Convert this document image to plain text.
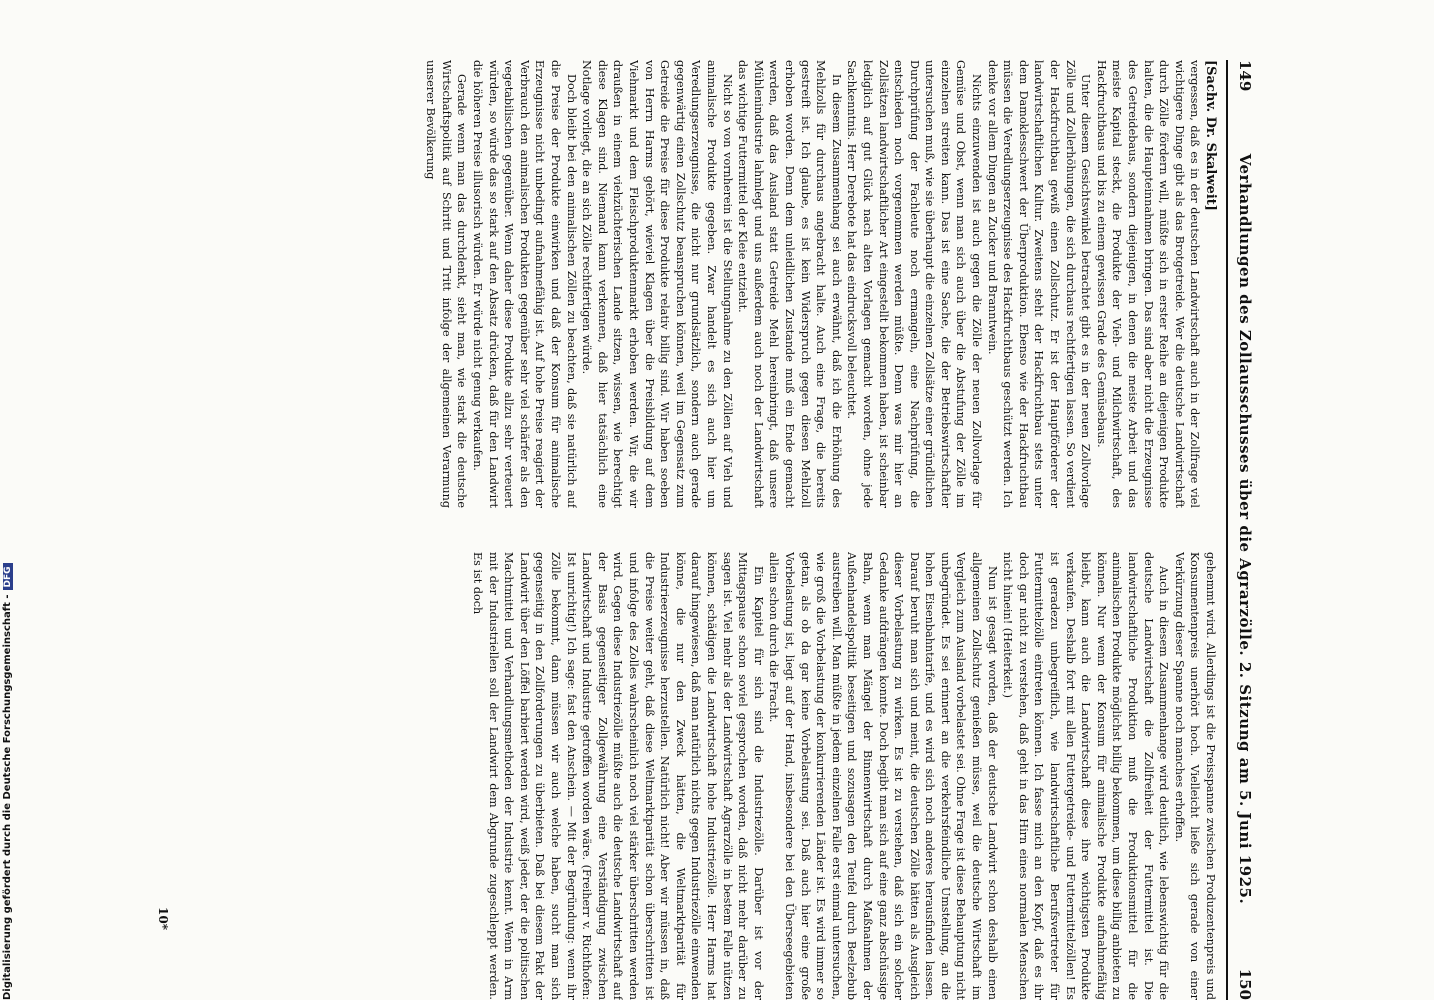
149
Verhandlungen des Zollausschusses über die Agrarzölle. 2. Sitzung am 5. Juni 1925.
150

[Sachv. Dr. Skalweit]

vergessen, daß es in der deutschen Landwirtschaft auch in der Zollfrage viel wichtigere Dinge gibt als das Brotgetreide. Wer die deutsche Landwirtschaft durch Zölle fördern will, müßte sich in erster Reihe an diejenigen Produkte halten, die die Haupteinnahmen bringen. Das sind aber nicht die Erzeugnisse des Getreidebaus, sondern diejenigen, in denen die meiste Arbeit und das meiste Kapital steckt, die Produkte der Vieh- und Milchwirtschaft, des Hackfruchtbaus und bis zu einem gewissen Grade des Gemüsebaus.

Unter diesem Gesichtswinkel betrachtet gibt es in der neuen Zollvorlage Zölle und Zollerhöhungen, die sich durchaus rechtfertigen lassen. So verdient der Hackfruchtbau gewiß einen Zollschutz. Er ist der Hauptförderer der landwirtschaftlichen Kultur. Zweitens steht der Hackfruchtbau stets unter dem Damoklesschwert der Überproduktion. Ebenso wie der Hackfruchtbau müssen die Veredlungserzeugnisse des Hackfruchtbaus geschützt werden. Ich denke vor allem Dingen an Zucker und Branntwein.

Nichts einzuwenden ist auch gegen die Zölle der neuen Zollvorlage für Gemüse und Obst, wenn man sich auch über die Abstufung der Zölle im einzelnen streiten kann. Das ist eine Sache, die der Betriebswirtschaftler untersuchen muß, wie sie überhaupt die einzelnen Zollsätze einer gründlichen Durchprüfung der Fachleute noch ermangeln, eine Nachprüfung, die entschieden noch vorgenommen werden müßte. Denn was mir hier an Zollsätzen landwirtschaftlicher Art eingestellt bekommen haben, ist scheinbar lediglich auf gut Glück nach alten Vorlagen gemacht worden, ohne jede Sachkenntnis. Herr Derebote hat das eindrucksvoll beleuchtet.

In diesem Zusammenhang sei auch erwähnt, daß ich die Erhöhung des Mehlzolls für durchaus angebracht halte. Auch eine Frage, die bereits gestreift ist. Ich glaube, es ist kein Widerspruch gegen diesen Mehlzoll erhoben worden. Denn dem unleidlichen Zustande muß ein Ende gemacht werden, daß das Ausland statt Getreide Mehl hereinbringt, daß unsere Mühlenindustrie lahmlegt und uns außerdem auch noch der Landwirtschaft das wichtige Futtermittel der Kleie entzieht.

Nicht so von vornherein ist die Stellungnahme zu den Zöllen auf Vieh und animalische Produkte gegeben. Zwar handelt es sich auch hier um Veredlungserzeugnisse, die nicht nur grundsätzlich, sondern auch gerade gegenwärtig einen Zollschutz beanspruchen können, weil im Gegensatz zum Getreide die Preise für diese Produkte relativ billig sind. Wir haben soeben von Herrn Harms gehört, wieviel Klagen über die Preisbildung auf dem Viehmarkt und dem Fleischproduktenmarkt erhoben werden. Wir, die wir draußen in einem viehzüchterischen Lande sitzen, wissen, wie berechtigt diese Klagen sind. Niemand kann verkennen, daß hier tatsächlich eine Notlage vorliegt, die an sich Zölle rechtfertigen würde.

Doch bleibt bei den animalischen Zöllen zu beachten, daß sie natürlich auf die Preise der Produkte einwirken und daß der Konsum für animalische Erzeugnisse nicht unbedingt aufnahmefähig ist. Auf hohe Preise reagiert der Verbrauch den animalischen Produkten gegenüber sehr viel schärfer als den vegetabilischen gegenüber. Wenn daher diese Produkte allzu sehr verteuert würden, so würde das so stark auf den Absatz drücken, daß für den Landwirt die höheren Preise illusorisch würden. Er würde nicht genug verkaufen.

Gerade wenn man das durchdenkt, sieht man, wie stark die deutsche Wirtschaftspolitik auf Schritt und Tritt infolge der allgemeinen Verarmung unserer Bevölkerung

gehemmt wird. Allerdings ist die Preisspanne zwischen Produzentenpreis und Konsumentenpreis unerhört hoch. Vielleicht ließe sich gerade von einer Verkürzung dieser Spanne noch manches erhoffen.

Auch in diesem Zusammenhange wird deutlich, wie lebenswichtig für die deutsche Landwirtschaft die Zollfreiheit der Futtermittel ist. Die landwirtschaftliche Produktion muß die Produktionsmittel für die animalischen Produkte möglichst billig bekommen, um diese billig anbieten zu können. Nur wenn der Konsum für animalische Produkte aufnahmefähig bleibt, kann auch die Landwirtschaft diese ihre wichtigsten Produkte verkaufen. Deshalb fort mit allen Futtergetreide- und Futtermittelzöllen! Es ist geradezu unbegreiflich, wie landwirtschaftliche Berufsvertreter für Futtermittelzölle eintreten können. Ich fasse mich an den Kopf, daß es ihr doch gar nicht zu verstehen, daß geht in das Hirn eines normalen Menschen nicht hinein! (Heiterkeit.)

Nun ist gesagt worden, daß der deutsche Landwirt schon deshalb einen allgemeinen Zollschutz genießen müsse, weil die deutsche Wirtschaft im Vergleich zum Ausland vorbelastet sei. Ohne Frage ist diese Behauptung nicht unbegründet. Es sei erinnert an die verkehrsfeindliche Umstellung, an die hohen Eisenbahntarife, und es wird sich noch anderes herausfinden lassen. Darauf beruht man sich und meint, die deutschen Zölle hätten als Ausgleich dieser Vorbelastung zu wirken. Es ist zu verstehen, daß sich ein solcher Gedanke aufdrängen konnte. Doch begibt man sich auf eine ganz abschüssige Bahn, wenn man Mängel der Binnenwirtschaft durch Maßnahmen der Außenhandelspolitik beseitigen und sozusagen den Teufel durch Beelzebub austreiben will. Man müßte in jedem einzelnen Falle erst einmal untersuchen, wie groß die Vorbelastung der konkurrierenden Länder ist. Es wird immer so getan, als ob da gar keine Vorbelastung sei. Daß auch hier eine große Vorbelastung ist, liegt auf der Hand, insbesondere bei den Überseegebieten allein schon durch die Fracht.

Ein Kapitel für sich sind die Industriezölle. Darüber ist vor der Mittagspause schon soviel gesprochen worden, daß nicht mehr darüber zu sagen ist. Viel mehr als der Landwirtschaft Agrarzölle in bestem Falle nützen können, schädigen die Landwirtschaft hohe Industriezölle. Herr Harms hat darauf hingewiesen, daß man natürlich nichts gegen Industriezölle einwenden könne, die nur den Zweck hätten, die Weltmarktparität für Industrieerzeugnisse herzustellen. Natürlich nicht! Aber wir müssen in, daß die Preise weiter geht, daß diese Weltmarktparität schon überschritten ist und infolge des Zolles wahrscheinlich noch viel stärker überschritten werden wird. Gegen diese Industriezölle müßte auch die deutsche Landwirtschaft auf der Basis gegenseitiger Zollgewährung eine Verständigung zwischen Landwirtschaft und Industrie getroffen worden wäre. (Freiherr v. Richthofen: Ist unrichtig!) Ich sage: fast den Anschein. — Mit der Begründung: wenn ihr Zölle bekommt, dann müssen wir auch welche haben, sucht man sich gegenseitig in den Zollforderungen zu überbieten. Daß bei diesem Pakt der Landwirt über den Löffel barbiert werden wird, weiß jeder, der die politischen Machtmittel und Verhandlungsmethoden der Industrie kennt. Wenn in Arm mit der Industriellen soll der Landwirt dem Abgrunde zugeschleppt werden. Es ist doch

10*
Digitalisierung gefördert durch die Deutsche Forschungsgemeinschaft -DFG
